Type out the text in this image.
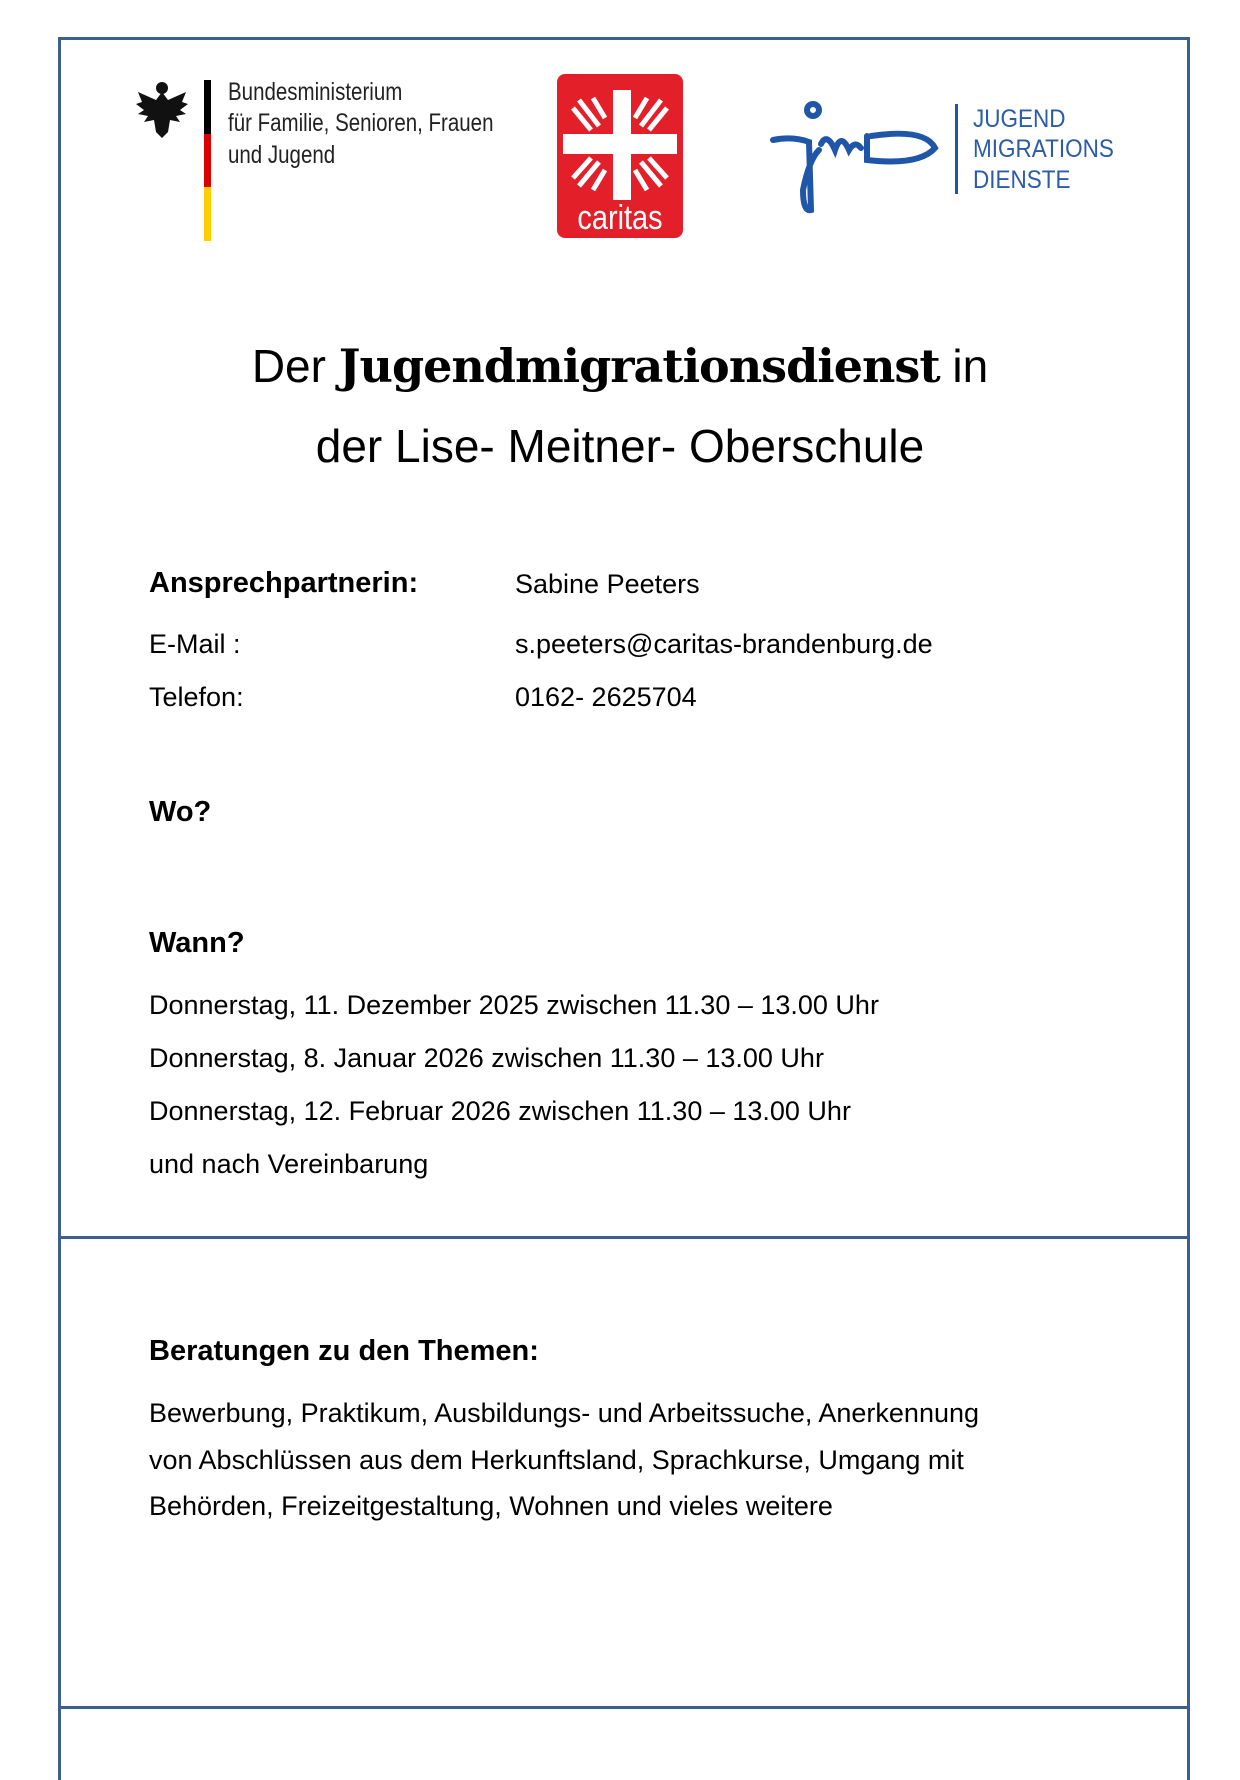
Bundesministerium
für Familie, Senioren, Frauen
und Jugend
caritas
JUGEND
MIGRATIONS
DIENSTE
Der Jugendmigrationsdienst in
der Lise- Meitner- Oberschule
Ansprechpartnerin:	Sabine Peeters
E-Mail :	s.peeters@caritas-brandenburg.de
Telefon:	0162- 2625704
Wo?
Wann?
Donnerstag, 11. Dezember 2025 zwischen 11.30 – 13.00 Uhr
Donnerstag, 8. Januar 2026 zwischen 11.30 – 13.00 Uhr
Donnerstag, 12. Februar 2026 zwischen 11.30 – 13.00 Uhr
und nach Vereinbarung
Beratungen zu den Themen:
Bewerbung, Praktikum, Ausbildungs- und Arbeitssuche, Anerkennung
von Abschlüssen aus dem Herkunftsland, Sprachkurse, Umgang mit
Behörden, Freizeitgestaltung, Wohnen und vieles weitere
